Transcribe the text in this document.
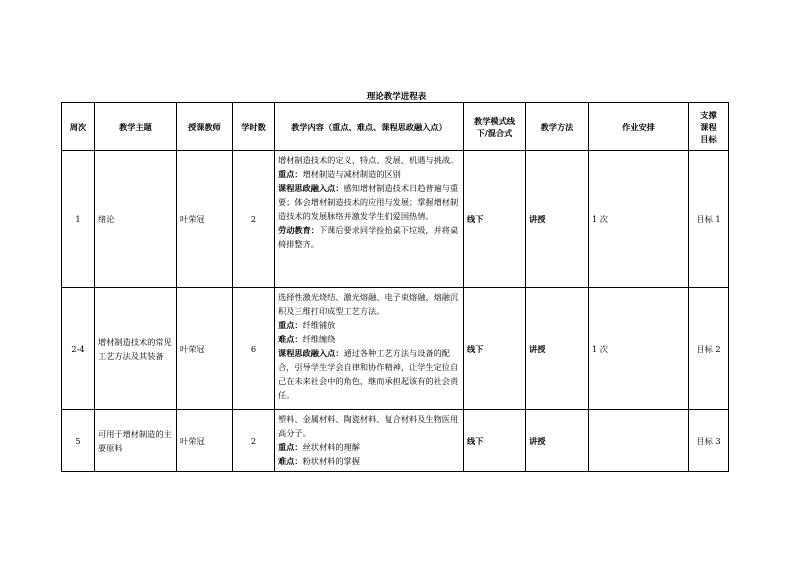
理论教学进程表
周次	教学主题	授课教师	学时数	教学内容（重点、难点、课程思政融入点）	教学模式线下/混合式	教学方法	作业安排	支撑课程目标
1	绪论	叶荣冠	2	增材制造技术的定义、特点、发展、机遇与挑战。
重点：增材制造与减材制造的区别
课程思政融入点：感知增材制造技术日趋普遍与重要；体会增材制造技术的应用与发展；掌握增材制造技术的发展脉络并激发学生们爱国热情。
劳动教育：下课后要求同学捡拾桌下垃圾，并将桌椅排整齐。	线下	讲授	1 次	目标 1
2-4	增材制造技术的常见工艺方法及其装备	叶荣冠	6	选择性激光烧结、激光熔融、电子束熔融、熔融沉积及三维打印成型工艺方法。
重点：纤维铺放
难点：纤维缠绕
课程思政融入点：通过各种工艺方法与设备的配合，引导学生学会自律和协作精神，让学生定位自己在未来社会中的角色，继而承担起该有的社会责任。	线下	讲授	1 次	目标 2
5	可用于增材制造的主要原料	叶荣冠	2	塑料、金属材料、陶瓷材料、复合材料及生物医用高分子。
重点：丝状材料的理解
难点：粉状材料的掌握	线下	讲授		目标 3
